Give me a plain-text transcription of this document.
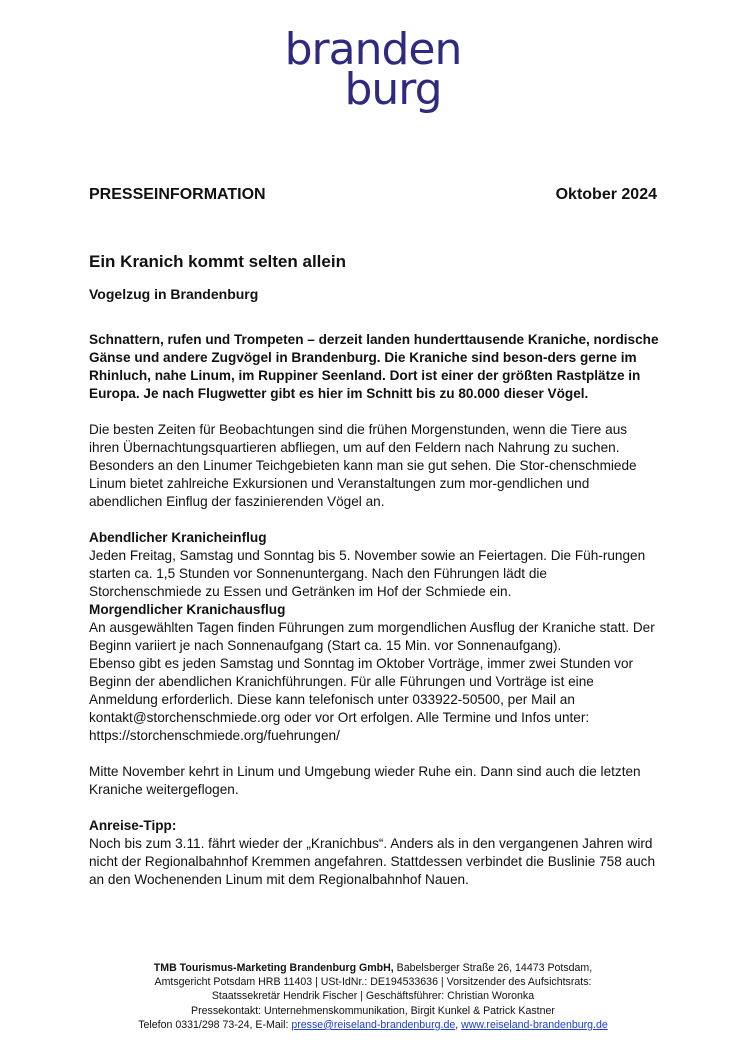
branden
burg
PRESSEINFORMATION	Oktober 2024
Ein Kranich kommt selten allein
Vogelzug in Brandenburg

Schnattern, rufen und Trompeten – derzeit landen hunderttausende Kraniche, nordische Gänse und andere Zugvögel in Brandenburg. Die Kraniche sind beson-ders gerne im Rhinluch, nahe Linum, im Ruppiner Seenland. Dort ist einer der größten Rastplätze in Europa. Je nach Flugwetter gibt es hier im Schnitt bis zu 80.000 dieser Vögel.

Die besten Zeiten für Beobachtungen sind die frühen Morgenstunden, wenn die Tiere aus ihren Übernachtungsquartieren abfliegen, um auf den Feldern nach Nahrung zu suchen. Besonders an den Linumer Teichgebieten kann man sie gut sehen. Die Stor-chenschmiede Linum bietet zahlreiche Exkursionen und Veranstaltungen zum mor-gendlichen und abendlichen Einflug der faszinierenden Vögel an.

Abendlicher Kranicheinflug

Jeden Freitag, Samstag und Sonntag bis 5. November sowie an Feiertagen. Die Füh-rungen starten ca. 1,5 Stunden vor Sonnenuntergang. Nach den Führungen lädt die Storchenschmiede zu Essen und Getränken im Hof der Schmiede ein.

Morgendlicher Kranichausflug

An ausgewählten Tagen finden Führungen zum morgendlichen Ausflug der Kraniche statt. Der Beginn variiert je nach Sonnenaufgang (Start ca. 15 Min. vor Sonnenaufgang).

Ebenso gibt es jeden Samstag und Sonntag im Oktober Vorträge, immer zwei Stunden vor Beginn der abendlichen Kranichführungen. Für alle Führungen und Vorträge ist eine Anmeldung erforderlich. Diese kann telefonisch unter 033922-50500, per Mail an kontakt@storchenschmiede.org oder vor Ort erfolgen. Alle Termine und Infos unter: https://storchenschmiede.org/fuehrungen/

Mitte November kehrt in Linum und Umgebung wieder Ruhe ein. Dann sind auch die letzten Kraniche weitergeflogen.

Anreise-Tipp:

Noch bis zum 3.11. fährt wieder der „Kranichbus“. Anders als in den vergangenen Jahren wird nicht der Regionalbahnhof Kremmen angefahren. Stattdessen verbindet die Buslinie 758 auch an den Wochenenden Linum mit dem Regionalbahnhof Nauen.

TMB Tourismus-Marketing Brandenburg GmbH, Babelsberger Straße 26, 14473 Potsdam,
Amtsgericht Potsdam HRB 11403 | USt-IdNr.: DE194533636 | Vorsitzender des Aufsichtsrats:
Staatssekretär Hendrik Fischer | Geschäftsführer: Christian Woronka
Pressekontakt: Unternehmenskommunikation, Birgit Kunkel & Patrick Kastner
Telefon 0331/298 73-24, E-Mail: presse@reiseland-brandenburg.de, www.reiseland-brandenburg.de
